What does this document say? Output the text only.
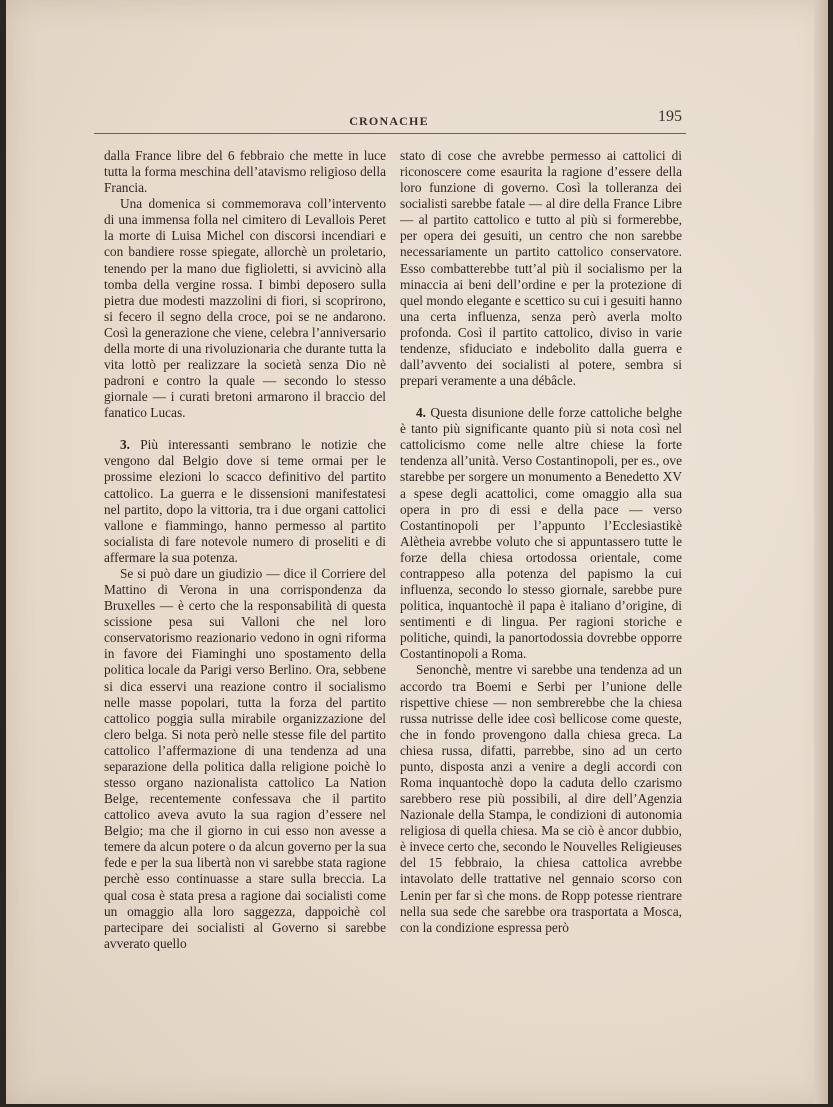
CRONACHE	195

dalla France libre del 6 febbraio che mette in luce tutta la forma meschina dell’atavismo religioso della Francia.

Una domenica si commemorava coll’intervento di una immensa folla nel cimitero di Levallois Peret la morte di Luisa Michel con discorsi incendiari e con bandiere rosse spiegate, allorchè un proletario, tenendo per la mano due figlioletti, si avvicinò alla tomba della vergine rossa. I bimbi deposero sulla pietra due modesti mazzolini di fiori, si scoprirono, si fecero il segno della croce, poi se ne andarono. Così la generazione che viene, celebra l’anniversario della morte di una rivoluzionaria che durante tutta la vita lottò per realizzare la società senza Dio nè padroni e contro la quale — secondo lo stesso giornale — i curati bretoni armarono il braccio del fanatico Lucas.

3. Più interessanti sembrano le notizie che vengono dal Belgio dove si teme ormai per le prossime elezioni lo scacco definitivo del partito cattolico. La guerra e le dissensioni manifestatesi nel partito, dopo la vittoria, tra i due organi cattolici vallone e fiammingo, hanno permesso al partito socialista di fare notevole numero di proseliti e di affermare la sua potenza.

Se si può dare un giudizio — dice il Corriere del Mattino di Verona in una corrispondenza da Bruxelles — è certo che la responsabilità di questa scissione pesa sui Valloni che nel loro conservatorismo reazionario vedono in ogni riforma in favore dei Fiaminghi uno spostamento della politica locale da Parigi verso Berlino. Ora, sebbene si dica esservi una reazione contro il socialismo nelle masse popolari, tutta la forza del partito cattolico poggia sulla mirabile organizzazione del clero belga. Si nota però nelle stesse file del partito cattolico l’affermazione di una tendenza ad una separazione della politica dalla religione poichè lo stesso organo nazionalista cattolico La Nation Belge, recentemente confessava che il partito cattolico aveva avuto la sua ragion d’essere nel Belgio; ma che il giorno in cui esso non avesse a temere da alcun potere o da alcun governo per la sua fede e per la sua libertà non vi sarebbe stata ragione perchè esso continuasse a stare sulla breccia. La qual cosa è stata presa a ragione dai socialisti come un omaggio alla loro saggezza, dappoichè col partecipare dei socialisti al Governo si sarebbe avverato quello

stato di cose che avrebbe permesso ai cattolici di riconoscere come esaurita la ragione d’essere della loro funzione di governo. Così la tolleranza dei socialisti sarebbe fatale — al dire della France Libre — al partito cattolico e tutto al più si formerebbe, per opera dei gesuiti, un centro che non sarebbe necessariamente un partito cattolico conservatore. Esso combatterebbe tutt’al più il socialismo per la minaccia ai beni dell’ordine e per la protezione di quel mondo elegante e scettico su cui i gesuiti hanno una certa influenza, senza però averla molto profonda. Così il partito cattolico, diviso in varie tendenze, sfiduciato e indebolito dalla guerra e dall’avvento dei socialisti al potere, sembra si prepari veramente a una débâcle.

4. Questa disunione delle forze cattoliche belghe è tanto più significante quanto più si nota così nel cattolicismo come nelle altre chiese la forte tendenza all’unità. Verso Costantinopoli, per es., ove starebbe per sorgere un monumento a Benedetto XV a spese degli acattolici, come omaggio alla sua opera in pro di essi e della pace — verso Costantinopoli per l’appunto l’Ecclesiastikè Alètheia avrebbe voluto che si appuntassero tutte le forze della chiesa ortodossa orientale, come contrappeso alla potenza del papismo la cui influenza, secondo lo stesso giornale, sarebbe pure politica, inquantochè il papa è italiano d’origine, di sentimenti e di lingua. Per ragioni storiche e politiche, quindi, la panortodossia dovrebbe opporre Costantinopoli a Roma.

Senonchè, mentre vi sarebbe una tendenza ad un accordo tra Boemi e Serbi per l’unione delle rispettive chiese — non sembrerebbe che la chiesa russa nutrisse delle idee così bellicose come queste, che in fondo provengono dalla chiesa greca. La chiesa russa, difatti, parrebbe, sino ad un certo punto, disposta anzi a venire a degli accordi con Roma inquantochè dopo la caduta dello czarismo sarebbero rese più possibili, al dire dell’Agenzia Nazionale della Stampa, le condizioni di autonomia religiosa di quella chiesa. Ma se ciò è ancor dubbio, è invece certo che, secondo le Nouvelles Religieuses del 15 febbraio, la chiesa cattolica avrebbe intavolato delle trattative nel gennaio scorso con Lenin per far sì che mons. de Ropp potesse rientrare nella sua sede che sarebbe ora trasportata a Mosca, con la condizione espressa però
